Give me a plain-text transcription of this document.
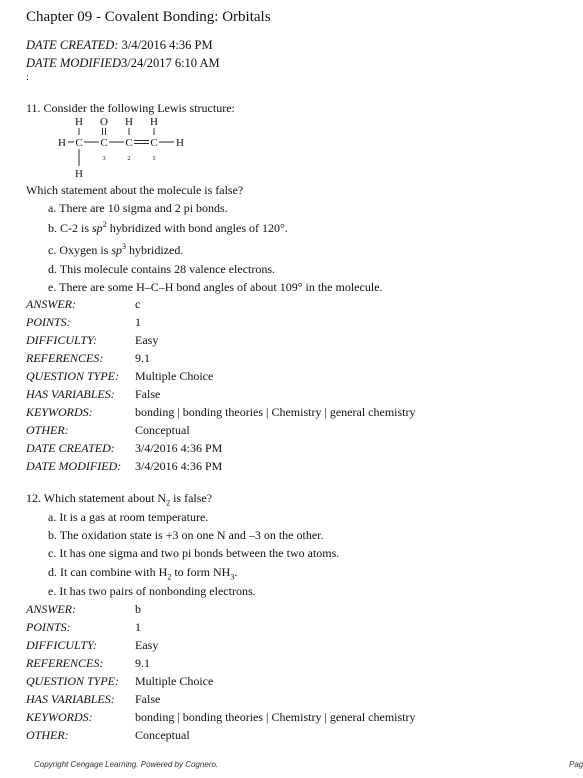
Chapter 09 - Covalent Bonding: Orbitals
DATE CREATED: 3/4/2016 4:36 PM
DATE MODIFIED3/24/2017 6:10 AM
:
11. Consider the following Lewis structure:
H O H H
H C C C C H
H
3	2	1
Which statement about the molecule is false?
a. There are 10 sigma and 2 pi bonds.
b. C-2 is $sp^2$ hybridized with bond angles of 120°.
c. Oxygen is $sp^3$ hybridized.
d. This molecule contains 28 valence electrons.
e. There are some H–C–H bond angles of about 109° in the molecule.
ANSWER:	c
POINTS:	1
DIFFICULTY:	Easy
REFERENCES:	9.1
QUESTION TYPE: Multiple Choice
HAS VARIABLES: False
KEYWORDS:	bonding | bonding theories | Chemistry | general chemistry
OTHER:	Conceptual
DATE CREATED: 3/4/2016 4:36 PM
DATE MODIFIED: 3/4/2016 4:36 PM
12. Which statement about $N_2$ is false?
a. It is a gas at room temperature.
b. The oxidation state is +3 on one N and –3 on the other.
c. It has one sigma and two pi bonds between the two atoms.
d. It can combine with $H_2$ to form $NH_3$.
e. It has two pairs of nonbonding electrons.
ANSWER:	b
POINTS:	1
DIFFICULTY:	Easy
REFERENCES:	9.1
QUESTION TYPE: Multiple Choice
HAS VARIABLES: False
KEYWORDS:	bonding | bonding theories | Chemistry | general chemistry
OTHER:	Conceptual
Copyright Cengage Learning. Powered by Cognero.	Pag
